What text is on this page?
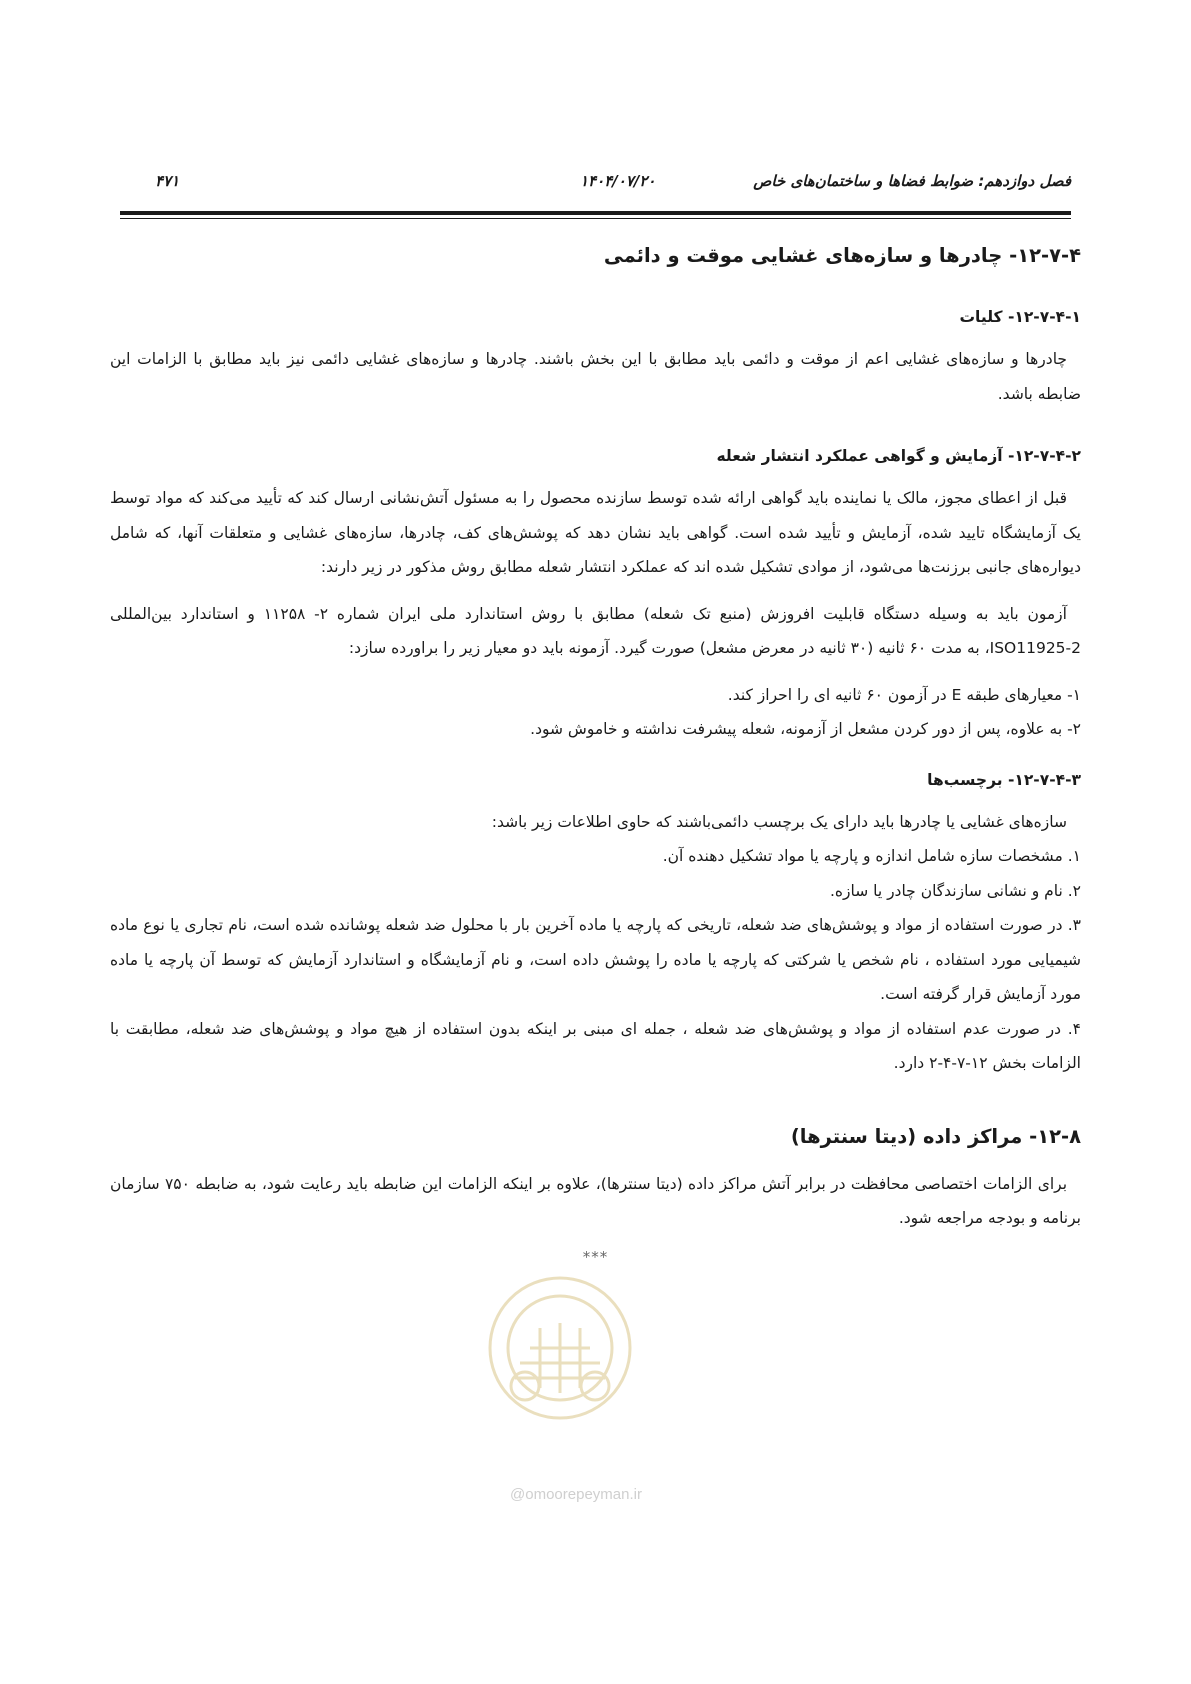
فصل دوازدهم: ضوابط فضاها و ساختمان‌های خاص
۱۴۰۴/۰۷/۲۰
۴۷۱
۱۲-۷-۴- چادرها و سازه‌های غشایی موقت و دائمی
۱۲-۷-۴-۱- کلیات

چادرها و سازه‌های غشایی اعم از موقت و دائمی باید مطابق با این بخش باشند. چادرها و سازه‌های غشایی دائمی نیز باید مطابق با الزامات این ضابطه باشد.

۱۲-۷-۴-۲- آزمایش و گواهی عملکرد انتشار شعله

قبل از اعطای مجوز، مالک یا نماینده باید گواهی ارائه شده توسط سازنده محصول را به مسئول آتش‌نشانی ارسال کند که تأیید می‌کند که مواد توسط یک آزمایشگاه تایید شده، آزمایش و تأیید شده است. گواهی باید نشان دهد که پوشش‌های کف، چادرها، سازه‌های غشایی و متعلقات آنها، که شامل دیواره‌های جانبی برزنت‌ها می‌شود، از موادی تشکیل شده اند که عملکرد انتشار شعله مطابق روش مذکور در زیر دارند:

آزمون باید به وسیله دستگاه قابلیت افروزش (منبع تک شعله) مطابق با روش استاندارد ملی ایران شماره ۲- ۱۱۲۵۸ و استاندارد بین‌المللی ISO11925-2، به مدت ۶۰ ثانیه (۳۰ ثانیه در معرض مشعل) صورت گیرد. آزمونه باید دو معیار زیر را براورده سازد:

۱- معیارهای طبقه E در آزمون ۶۰ ثانیه ای را احراز کند.

۲- به علاوه، پس از دور کردن مشعل از آزمونه، شعله پیشرفت نداشته و خاموش شود.

۱۲-۷-۴-۳- برچسب‌ها

سازه‌های غشایی یا چادرها باید دارای یک برچسب دائمی‌باشند که حاوی اطلاعات زیر باشد:

۱. مشخصات سازه شامل اندازه و پارچه یا مواد تشکیل دهنده آن.

۲. نام و نشانی سازندگان چادر یا سازه.

۳. در صورت استفاده از مواد و پوشش‌های ضد شعله، تاریخی که پارچه یا ماده آخرین بار با محلول ضد شعله پوشانده شده است، نام تجاری یا نوع ماده شیمیایی مورد استفاده ، نام شخص یا شرکتی که پارچه یا ماده را پوشش داده است، و نام آزمایشگاه و استاندارد آزمایش که توسط آن پارچه یا ماده مورد آزمایش قرار گرفته است.

۴. در صورت عدم استفاده از مواد و پوشش‌های ضد شعله ، جمله ای مبنی بر اینکه بدون استفاده از هیچ مواد و پوشش‌های ضد شعله، مطابقت با الزامات بخش ۱۲-۷-۴-۲ دارد.

۱۲-۸- مراکز داده (دیتا سنترها)

برای الزامات اختصاصی محافظت در برابر آتش مراکز داده (دیتا سنترها)، علاوه بر اینکه الزامات این ضابطه باید رعایت شود، به ضابطه ۷۵۰ سازمان برنامه و بودجه مراجعه شود.

***
@omoorepeyman.ir
